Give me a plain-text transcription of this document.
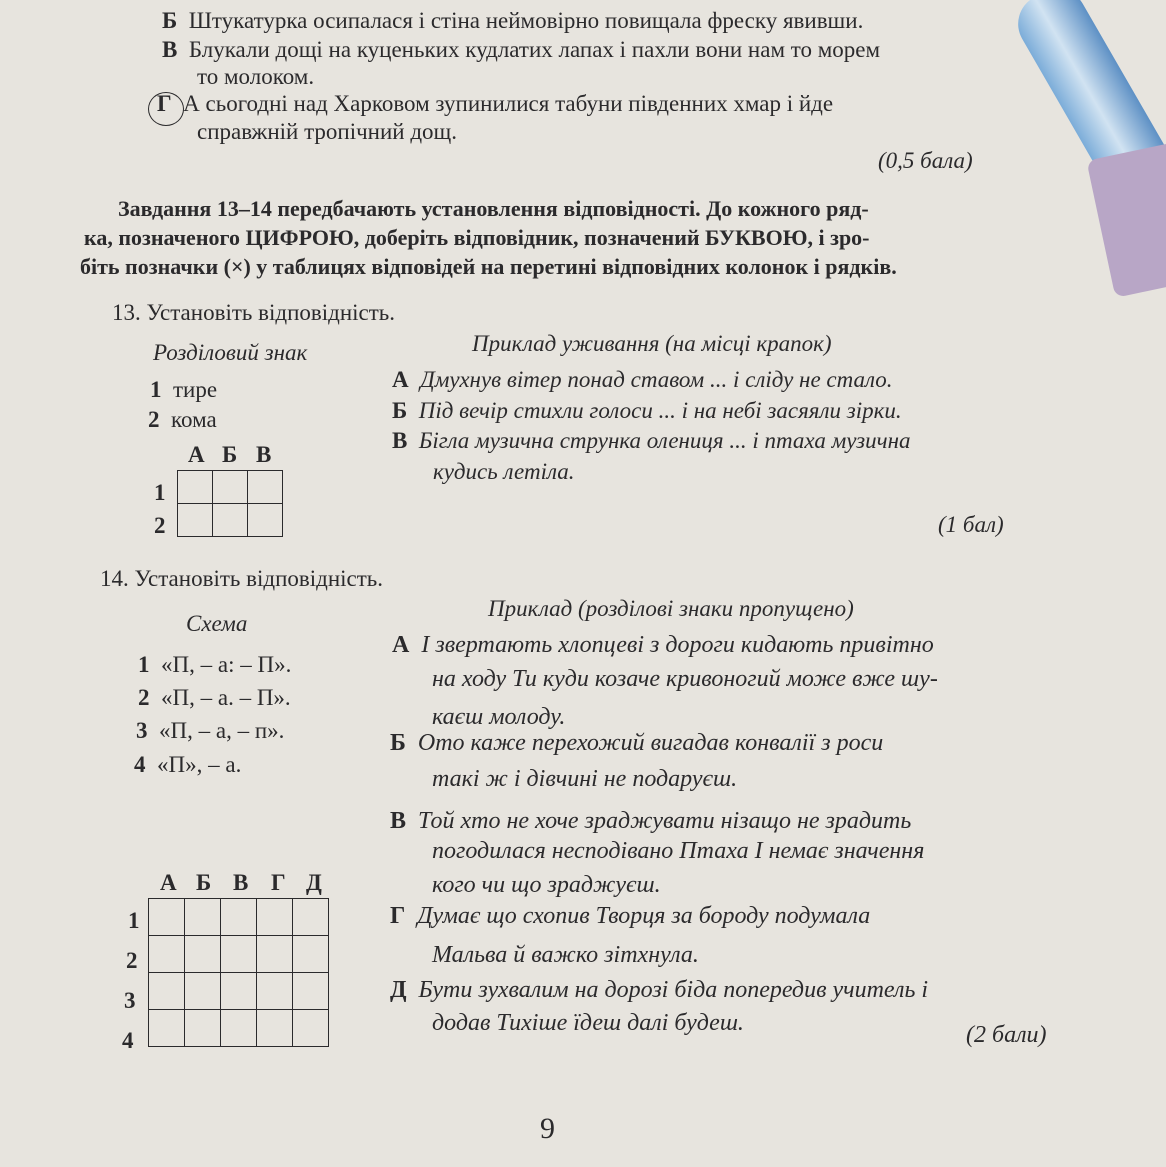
Б Штукатурка осипалася і стіна неймовірно повищала фреску явивши.
В Блукали дощі на куценьких кудлатих лапах і пахли вони нам то морем
то молоком.
Г А сьогодні над Харковом зупинилися табуни південних хмар і йде
справжній тропічний дощ.
(0,5 бала)
Завдання 13–14 передбачають установлення відповідності. До кожного ряд-
ка, позначеного ЦИФРОЮ, доберіть відповідник, позначений БУКВОЮ, і зро-
біть позначки (×) у таблицях відповідей на перетині відповідних колонок і рядків.
13. Установіть відповідність.
Розділовий знак	Приклад уживання (на місці крапок)
1 тире
2 кома
А Дмухнув вітер понад ставом ... і сліду не стало.
Б Під вечір стихли голоси ... і на небі засяяли зірки.
В Бігла музична струнка олениця ... і птаха музична
кудись летіла.
А Б В
1
2

			(1 бал)
14. Установіть відповідність.
Схема
Приклад (розділові знаки пропущено)
1 «П, – а: – П».
2 «П, – а. – П».
3 «П, – а, – п».
4 «П», – а.
А І звертають хлопцеві з дороги кидають привітно
на ходу Ти куди козаче кривоногий може вже шу-
каєш молоду.
Б Ото каже перехожий вигадав конвалії з роси
такі ж і дівчині не подаруєш.
В Той хто не хоче зраджувати нізащо не зрадить
погодилася несподівано Птаха І немає значення
кого чи що зраджуєш.
Г Думає що схопив Творця за бороду подумала
Мальва й важко зітхнула.
Д Бути зухвалим на дорозі біда попередив учитель і
додав Тихіше їдеш далі будеш.	(2 бали)
А Б В Г Д
1
2
3
4

9
